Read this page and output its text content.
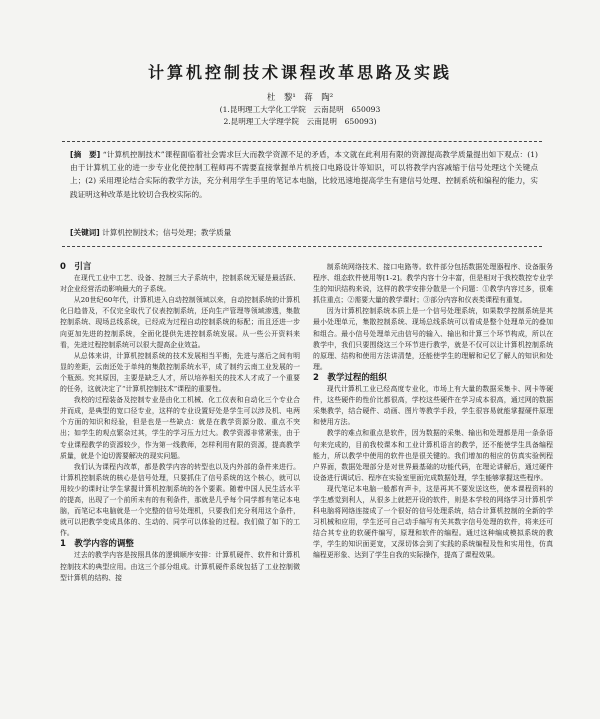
计算机控制技术课程改革思路及实践
杜　黎¹　蒋　陶²
(1.昆明理工大学化工学院　云南昆明　650093
2.昆明理工大学理学院　云南昆明　650093)
[摘　要] “计算机控制技术”课程面临着社会需求巨大而教学资源不足的矛盾，本文就在此利用有限的资源提高教学质量提出如下观点：(1) 由于计算机工业的进一步专业化使控制工程师再不需要直接掌握单片机接口电路设计等知识，可以将教学内容减缩于信号处理这个关键点上；(2) 采用理论结合实际的教学方法，充分利用学生手里的笔记本电脑，比较迅速地提高学生有建信号处理、控制系统和编程的能力，实践证明这种改革是比较切合我校实际的。
[关键词] 计算机控制技术；信号处理；教学质量

0　引言

在现代工业中工艺、设备、控制三大子系统中，控制系统无疑是最活跃、对企业经营活动影响最大的子系统。

从20世纪60年代，计算机进入自动控制领域以来，自动控制系统的计算机化日趋普及，不仅完全取代了仪表控制系统，还向生产管理等领域渗透，集散控制系统、现场总线系统，已经成为过程自动控制系统的标配；而且还进一步向更加先进的控制系统，全面化提供先进控制系统发展。从一些公开资料来看，先进过程控制系统可以很大提高企业效益。

从总体来讲，计算机控制系统的技术发展相当平衡，先进与落后之间有明显的差距，云南还处于单纯的集散控制系统水平，成了制约云南工业发展的一个瓶颈。究其原因，主要是缺乏人才，所以培养相关的技术人才成了一个重要的任务，这就决定了“计算机控制技术”课程的重要性。

我校的过程装备及控制专业是由化工机械、化工仪表和自动化三个专业合并而成，是典型的宽口径专业，这样的专业设置好处是学生可以涉及机、电两个方面的知识和经验，但是也是一些缺点：就是在教学资源分散、重点不突出；如学生的观点繁杂过其，学生的学习压力过大。教学资源非常紧张，由于专业课程教学的资源较少，作为第一线教师，怎样利用有限的资源，提高教学质量，就是个迫切需要解决的现实问题。

我们认为课程内改革，都是教学内容的转型也以及内外部的条件来进行。计算机控制系统的核心是信号处理，只要抓住了信号系统的这个核心，就可以用较少的课时让学生掌握计算机控制系统的各个要素。随着中国人民生活水平的提高，出现了一个前所未有的有利条件，那就是几乎每个同学都有笔记本电脑，而笔记本电脑就是一个完整的信号处理机，只要我们充分利用这个条件，就可以把教学变成具体的、生动的、同学可以体验的过程。我们做了如下的工作。

1　教学内容的调整

过去的教学内容是按照具体的逻辑顺序安排：计算机硬件、软件和计算机控制技术的典型应用。由这三个部分组成。计算机硬件系统包括了工业控制微型计算机的结构、接

制系统网络技术、接口电路等。软件部分包括数据处理器程序、设备服务程序、组态软件使用等[1-2]。教学内容十分丰富，但是相对于我校数控专业学生的知识结构来说，这样的教学安排分散是一个问题：①教学内容过多，很难抓住重点；②需要大量的教学课时；③部分内容和仪表类课程有重复。

因为计算机控制系统本质上是一个信号处理系统，如果数学控制系统是其最小处理单元，集散控制系统、现场总线系统可以看成是整个处理单元的叠加和组合。最小信号处理单元由信号的输入、输出和计算三个环节构成，所以在教学中，我们只要围绕这三个环节进行教学，就是不仅可以让计算机控制系统的原理、结构和使用方法讲清楚，还能使学生的理解和记忆了解人的知识和处理。

2　教学过程的组织

现代计算机工业已经高度专业化，市场上有大量的数据采集卡、网卡等硬件，这些硬件的性价比都很高，学校这些硬件在学习成本很高，通过网的数据采集教学，结合硬件、动画、图片等教学手段，学生很容易就能掌握硬件原理和使用方法。

教学的难点和重点是软件，因为数据的采集、输出和处理都是用一条条语句来完成的，目前我校课本和工业计算机语言的教学，还不能使学生具备编程能力，所以教学中使用的软件也是很关键的。我们增加的相应的仿真实验例程户界面，数据处理部分是对世界最基础的功能代码，在理论讲解后，通过硬件设备进行调试后、程序在实验室里面完成数据处理，学生能够掌握这些程序。

现代笔记本电脑一般都有声卡，这是再其不要发送这些，使本课程资料的学生感觉到利人，从很多上就把开设的软件，则是本学校的网络学习计算机学科电脑将网络连接成了一个很好的信号处理系统，结合计算机控制的全新的学习机械和应用，学生还可自己动手编写有关其数字信号处理的软件，将来还可结合其专业的软硬件编写，原理和软件的编程。通过这种编成模拟系统的教学，学生的知识面更宽，又深切体会到了实践的系统编程及性和实用性，仿真编程更形象、达到了学生自我的实际操作，提高了课程效果。
